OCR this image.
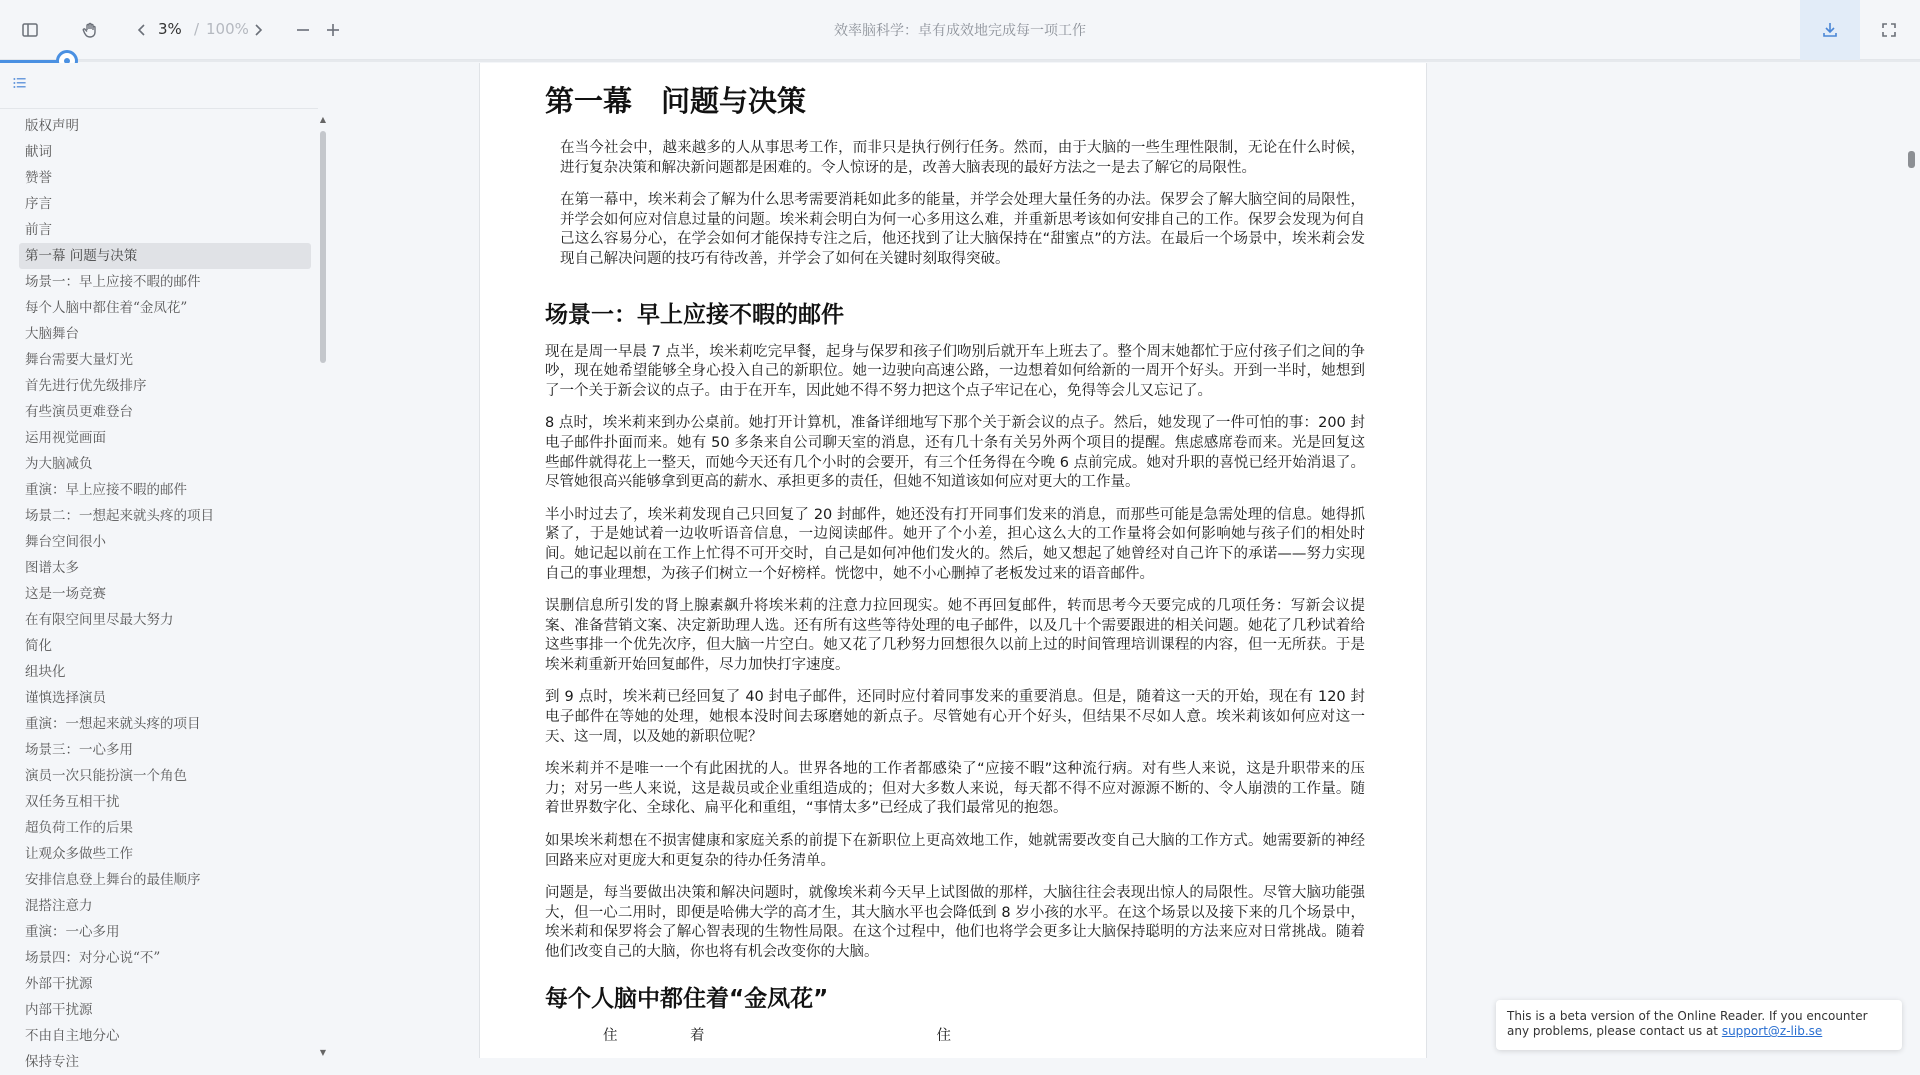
3% / 100%	效率脑科学：卓有成效地完成每一项工作
版权声明
献词
赞誉
序言
前言
第一幕 问题与决策
场景一：早上应接不暇的邮件
每个人脑中都住着“金凤花”
大脑舞台
舞台需要大量灯光
首先进行优先级排序
有些演员更难登台
运用视觉画面
为大脑减负
重演：早上应接不暇的邮件
场景二：一想起来就头疼的项目
舞台空间很小
图谱太多
这是一场竞赛
在有限空间里尽最大努力
简化
组块化
谨慎选择演员
重演：一想起来就头疼的项目
场景三：一心多用
演员一次只能扮演一个角色
双任务互相干扰
超负荷工作的后果
让观众多做些工作
安排信息登上舞台的最佳顺序
混搭注意力
重演：一心多用
场景四：对分心说“不”
外部干扰源
内部干扰源
不由自主地分心
保持专注
▲
▼
第一幕　问题与决策

在当今社会中，越来越多的人从事思考工作，而非只是执行例行任务。然而，由于大脑的一些生理性限制，无论在什么时候，进行复杂决策和解决新问题都是困难的。令人惊讶的是，改善大脑表现的最好方法之一是去了解它的局限性。

在第一幕中，埃米莉会了解为什么思考需要消耗如此多的能量，并学会处理大量任务的办法。保罗会了解大脑空间的局限性，并学会如何应对信息过量的问题。埃米莉会明白为何一心多用这么难，并重新思考该如何安排自己的工作。保罗会发现为何自己这么容易分心，在学会如何才能保持专注之后，他还找到了让大脑保持在“甜蜜点”的方法。在最后一个场景中，埃米莉会发现自己解决问题的技巧有待改善，并学会了如何在关键时刻取得突破。

场景一：早上应接不暇的邮件

现在是周一早晨 7 点半，埃米莉吃完早餐，起身与保罗和孩子们吻别后就开车上班去了。整个周末她都忙于应付孩子们之间的争吵，现在她希望能够全身心投入自己的新职位。她一边驶向高速公路，一边想着如何给新的一周开个好头。开到一半时，她想到了一个关于新会议的点子。由于在开车，因此她不得不努力把这个点子牢记在心，免得等会儿又忘记了。

8 点时，埃米莉来到办公桌前。她打开计算机，准备详细地写下那个关于新会议的点子。然后，她发现了一件可怕的事：200 封电子邮件扑面而来。她有 50 多条来自公司聊天室的消息，还有几十条有关另外两个项目的提醒。焦虑感席卷而来。光是回复这些邮件就得花上一整天，而她今天还有几个小时的会要开，有三个任务得在今晚 6 点前完成。她对升职的喜悦已经开始消退了。尽管她很高兴能够拿到更高的薪水、承担更多的责任，但她不知道该如何应对更大的工作量。

半小时过去了，埃米莉发现自己只回复了 20 封邮件，她还没有打开同事们发来的消息，而那些可能是急需处理的信息。她得抓紧了，于是她试着一边收听语音信息，一边阅读邮件。她开了个小差，担心这么大的工作量将会如何影响她与孩子们的相处时间。她记起以前在工作上忙得不可开交时，自己是如何冲他们发火的。然后，她又想起了她曾经对自己许下的承诺——努力实现自己的事业理想，为孩子们树立一个好榜样。恍惚中，她不小心删掉了老板发过来的语音邮件。

误删信息所引发的肾上腺素飙升将埃米莉的注意力拉回现实。她不再回复邮件，转而思考今天要完成的几项任务：写新会议提案、准备营销文案、决定新助理人选。还有所有这些等待处理的电子邮件，以及几十个需要跟进的相关问题。她花了几秒试着给这些事排一个优先次序，但大脑一片空白。她又花了几秒努力回想很久以前上过的时间管理培训课程的内容，但一无所获。于是埃米莉重新开始回复邮件，尽力加快打字速度。

到 9 点时，埃米莉已经回复了 40 封电子邮件，还同时应付着同事发来的重要消息。但是，随着这一天的开始，现在有 120 封电子邮件在等她的处理，她根本没时间去琢磨她的新点子。尽管她有心开个好头，但结果不尽如人意。埃米莉该如何应对这一天、这一周，以及她的新职位呢？

埃米莉并不是唯一一个有此困扰的人。世界各地的工作者都感染了“应接不暇”这种流行病。对有些人来说，这是升职带来的压力；对另一些人来说，这是裁员或企业重组造成的；但对大多数人来说，每天都不得不应对源源不断的、令人崩溃的工作量。随着世界数字化、全球化、扁平化和重组，“事情太多”已经成了我们最常见的抱怨。

如果埃米莉想在不损害健康和家庭关系的前提下在新职位上更高效地工作，她就需要改变自己大脑的工作方式。她需要新的神经回路来应对更庞大和更复杂的待办任务清单。

问题是，每当要做出决策和解决问题时，就像埃米莉今天早上试图做的那样，大脑往往会表现出惊人的局限性。尽管大脑功能强大，但一心二用时，即便是哈佛大学的高才生，其大脑水平也会降低到 8 岁小孩的水平。在这个场景以及接下来的几个场景中，埃米莉和保罗将会了解心智表现的生物性局限。在这个过程中，他们也将学会更多让大脑保持聪明的方法来应对日常挑战。随着他们改变自己的大脑，你也将有机会改变你的大脑。

每个人脑中都住着“金凤花”

　　　　住　　　　　着　　　　　　　　　　　　　　　　住

This is a beta version of the Online Reader. If you encounter any problems, please contact us at support@z-lib.se
